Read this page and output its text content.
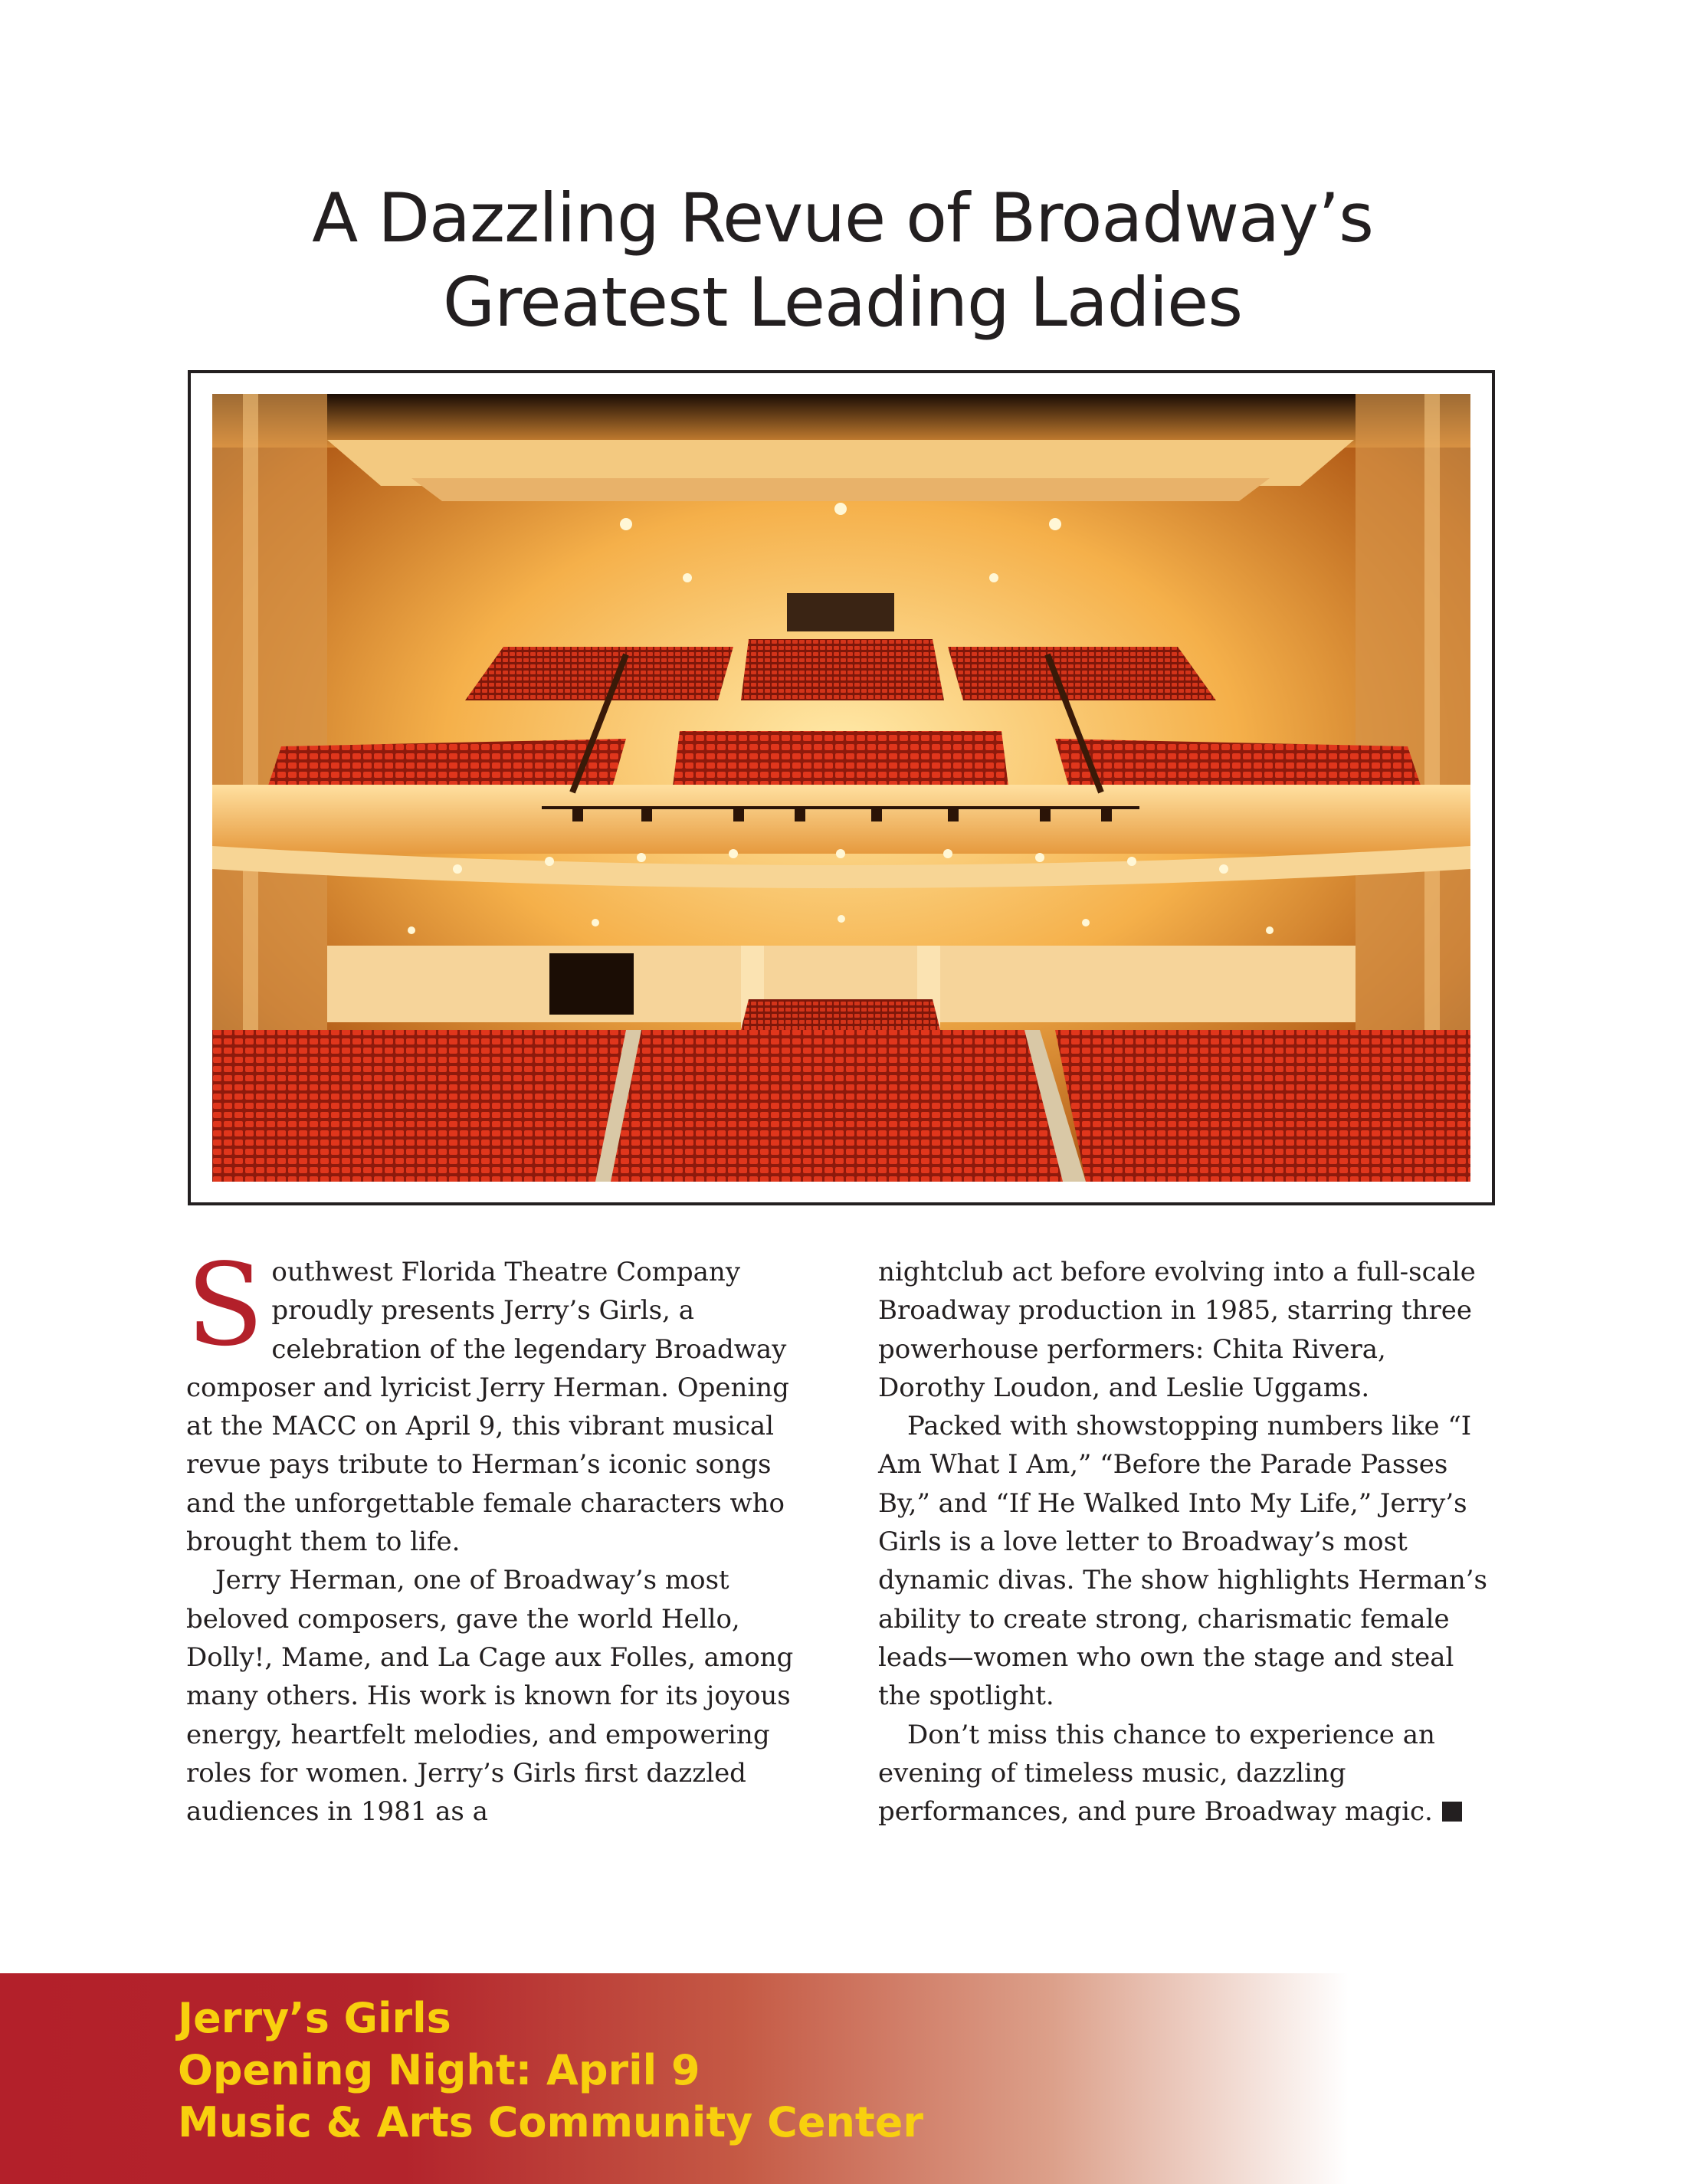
A Dazzling Revue of Broadway’s
Greatest Leading Ladies

Southwest Florida Theatre Company proudly presents Jerry’s Girls, a celebration of the legendary Broadway composer and lyricist Jerry Herman. Opening at the MACC on April 9, this vibrant musical revue pays tribute to Herman’s iconic songs and the unforgettable female characters who brought them to life.

Jerry Herman, one of Broadway’s most beloved composers, gave the world Hello, Dolly!, Mame, and La Cage aux Folles, among many others. His work is known for its joyous energy, heartfelt melodies, and empowering roles for women. Jerry’s Girls first dazzled audiences in 1981 as a

nightclub act before evolving into a full-scale Broadway production in 1985, starring three powerhouse performers: Chita Rivera, Dorothy Loudon, and Leslie Uggams.

Packed with showstopping numbers like “I Am What I Am,” “Before the Parade Passes By,” and “If He Walked Into My Life,” Jerry’s Girls is a love letter to Broadway’s most dynamic divas. The show highlights Herman’s ability to create strong, charismatic female leads—women who own the stage and steal the spotlight.

Don’t miss this chance to experience an evening of timeless music, dazzling performances, and pure Broadway magic.

Jerry’s Girls
Opening Night: April 9
Music & Arts Community Center
